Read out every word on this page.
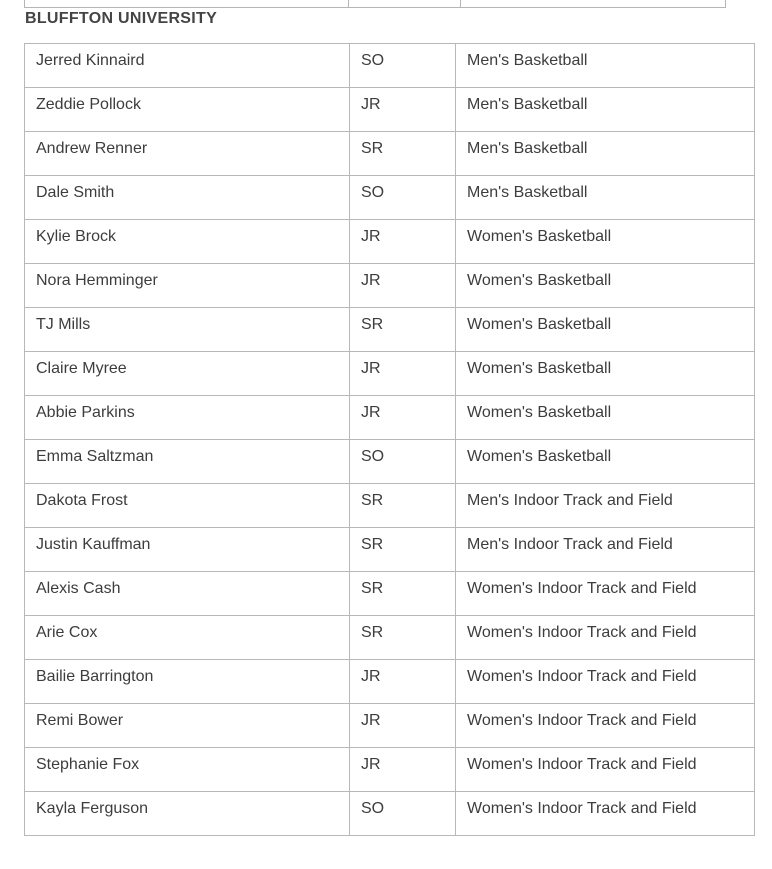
BLUFFTON UNIVERSITY
Jerred Kinnaird	SO	Men's Basketball
Zeddie Pollock	JR	Men's Basketball
Andrew Renner	SR	Men's Basketball
Dale Smith	SO	Men's Basketball
Kylie Brock	JR	Women's Basketball
Nora Hemminger	JR	Women's Basketball
TJ Mills	SR	Women's Basketball
Claire Myree	JR	Women's Basketball
Abbie Parkins	JR	Women's Basketball
Emma Saltzman	SO	Women's Basketball
Dakota Frost	SR	Men's Indoor Track and Field
Justin Kauffman	SR	Men's Indoor Track and Field
Alexis Cash	SR	Women's Indoor Track and Field
Arie Cox	SR	Women's Indoor Track and Field
Bailie Barrington	JR	Women's Indoor Track and Field
Remi Bower	JR	Women's Indoor Track and Field
Stephanie Fox	JR	Women's Indoor Track and Field
Kayla Ferguson	SO	Women's Indoor Track and Field
